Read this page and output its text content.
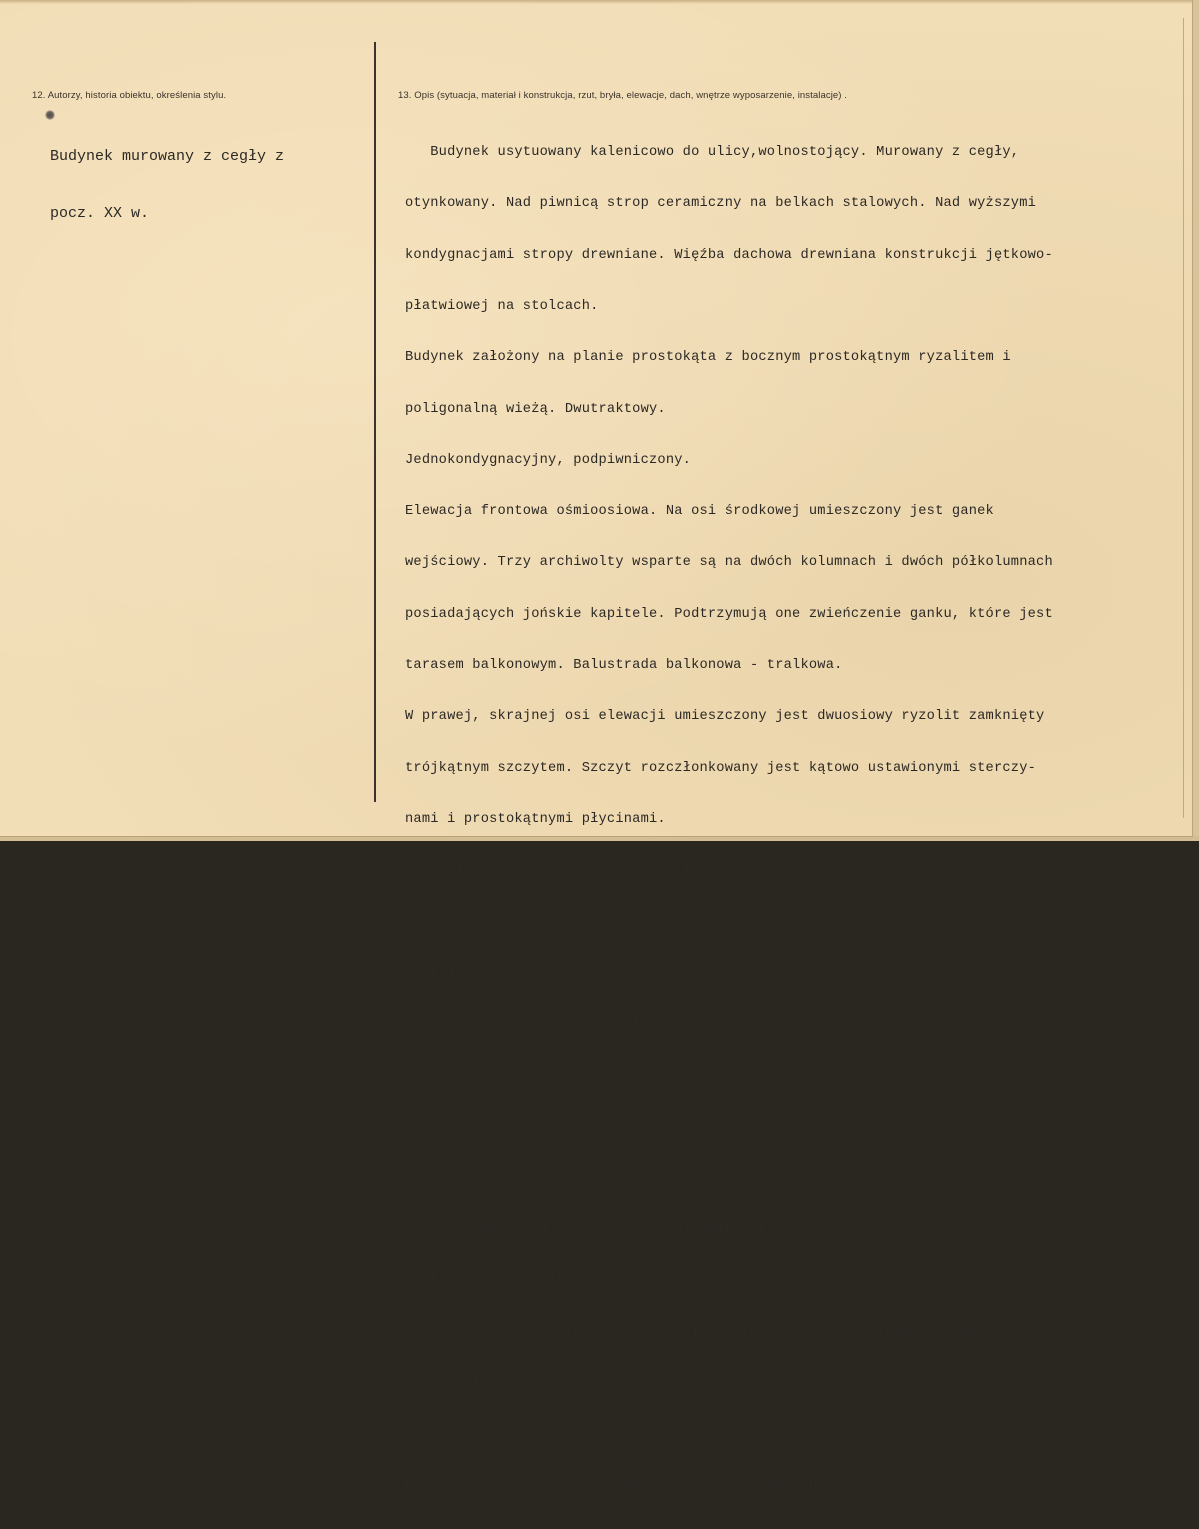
12. Autorzy, historia obiektu, określenia stylu.	13. Opis (sytuacja, materiał i konstrukcja, rzut, bryła, elewacje, dach, wnętrze wyposarzenie, instalacje) .

Budynek murowany z cegły z

pocz. XX w.

Budynek usytuowany kalenicowo do ulicy,wolnostojący. Murowany z cegły,

otynkowany. Nad piwnicą strop ceramiczny na belkach stalowych. Nad wyższymi

kondygnacjami stropy drewniane. Więźba dachowa drewniana konstrukcji jętkowo-

płatwiowej na stolcach.

Budynek założony na planie prostokąta z bocznym prostokątnym ryzalitem i

poligonalną wieżą. Dwutraktowy.

Jednokondygnacyjny, podpiwniczony.

Elewacja frontowa ośmioosiowa. Na osi środkowej umieszczony jest ganek

wejściowy. Trzy archiwolty wsparte są na dwóch kolumnach i dwóch półkolumnach

posiadających jońskie kapitele. Podtrzymują one zwieńczenie ganku, które jest

tarasem balkonowym. Balustrada balkonowa - tralkowa.

W prawej, skrajnej osi elewacji umieszczony jest dwuosiowy ryzolit zamknięty

trójkątnym szczytem. Szczyt rozczłonkowany jest kątowo ustawionymi sterczy-

nami i prostokątnymi płycinami.

W lewej,skrajnej osi umieszczona jest poligonalna dwukondygnacyjna wieża.

W pierwszej kondygnacji otwory okienne prostokątne,w drugiej zamknięte

półkoliście.

Rolę gzymsu kordonowego spełnia fryz arkadowy. Gzyms wieńczący w formie

listwy opaskowej.

Wieżę zamyka dach namiotowy.

Otwory okienne elewacji frontowej zamknięte odcinkowo.

W połaci dachowej na osi środkowej umieszczona jest wystawka o bokach

półkoliście zamkniętych, zwieńczona trójkątnym naczółkiem. Na osi środkowej

umieszczony jest półkoliście zamknięty otwór okienny w listwowej opasce

ze zwornikiem i z uszakami.

Do elewacji bocznej i tylnej przylegają współczesne dobudówki.

Budynek przekryty dachem dwuspadowym i dachówką holenderką.
